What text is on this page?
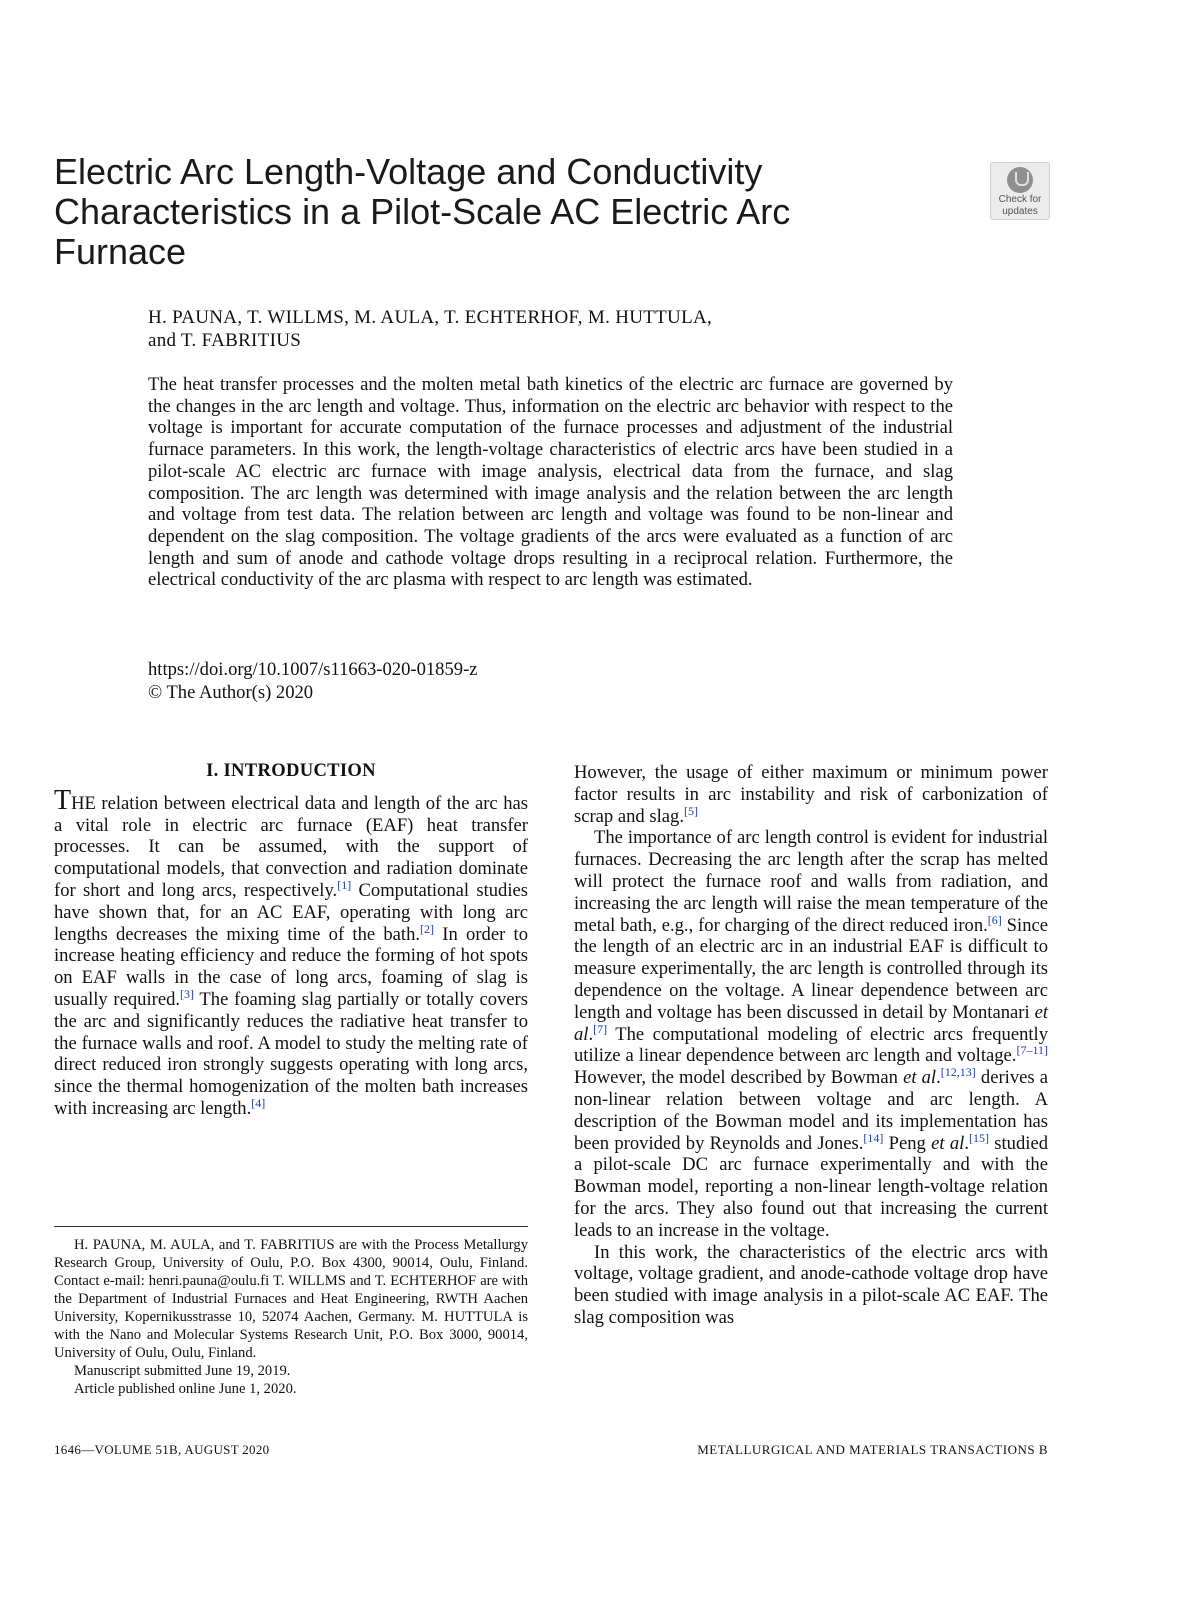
Electric Arc Length-Voltage and Conductivity Characteristics in a Pilot-Scale AC Electric Arc Furnace
Check for
updates
H. PAUNA, T. WILLMS, M. AULA, T. ECHTERHOF, M. HUTTULA,
and T. FABRITIUS

The heat transfer processes and the molten metal bath kinetics of the electric arc furnace are governed by the changes in the arc length and voltage. Thus, information on the electric arc behavior with respect to the voltage is important for accurate computation of the furnace processes and adjustment of the industrial furnace parameters. In this work, the length-voltage characteristics of electric arcs have been studied in a pilot-scale AC electric arc furnace with image analysis, electrical data from the furnace, and slag composition. The arc length was determined with image analysis and the relation between the arc length and voltage from test data. The relation between arc length and voltage was found to be non-linear and dependent on the slag composition. The voltage gradients of the arcs were evaluated as a function of arc length and sum of anode and cathode voltage drops resulting in a reciprocal relation. Furthermore, the electrical conductivity of the arc plasma with respect to arc length was estimated.

https://doi.org/10.1007/s11663-020-01859-z
© The Author(s) 2020
I. INTRODUCTION

THE relation between electrical data and length of the arc has a vital role in electric arc furnace (EAF) heat transfer processes. It can be assumed, with the support of computational models, that convection and radiation dominate for short and long arcs, respectively.[1] Computational studies have shown that, for an AC EAF, operating with long arc lengths decreases the mixing time of the bath.[2] In order to increase heating efficiency and reduce the forming of hot spots on EAF walls in the case of long arcs, foaming of slag is usually required.[3] The foaming slag partially or totally covers the arc and significantly reduces the radiative heat transfer to the furnace walls and roof. A model to study the melting rate of direct reduced iron strongly suggests operating with long arcs, since the thermal homogenization of the molten bath increases with increasing arc length.[4]

However, the usage of either maximum or minimum power factor results in arc instability and risk of carbonization of scrap and slag.[5]

The importance of arc length control is evident for industrial furnaces. Decreasing the arc length after the scrap has melted will protect the furnace roof and walls from radiation, and increasing the arc length will raise the mean temperature of the metal bath, e.g., for charging of the direct reduced iron.[6] Since the length of an electric arc in an industrial EAF is difficult to measure experimentally, the arc length is controlled through its dependence on the voltage. A linear dependence between arc length and voltage has been discussed in detail by Montanari et al.[7] The computational modeling of electric arcs frequently utilize a linear dependence between arc length and voltage.[7–11] However, the model described by Bowman et al.[12,13] derives a non-linear relation between voltage and arc length. A description of the Bowman model and its implementation has been provided by Reynolds and Jones.[14] Peng et al.[15] studied a pilot-scale DC arc furnace experimentally and with the Bowman model, reporting a non-linear length-voltage relation for the arcs. They also found out that increasing the current leads to an increase in the voltage.

In this work, the characteristics of the electric arcs with voltage, voltage gradient, and anode-cathode voltage drop have been studied with image analysis in a pilot-scale AC EAF. The slag composition was

H. PAUNA, M. AULA, and T. FABRITIUS are with the Process Metallurgy Research Group, University of Oulu, P.O. Box 4300, 90014, Oulu, Finland. Contact e-mail: henri.pauna@oulu.fi T. WILLMS and T. ECHTERHOF are with the Department of Industrial Furnaces and Heat Engineering, RWTH Aachen University, Kopernikusstrasse 10, 52074 Aachen, Germany. M. HUTTULA is with the Nano and Molecular Systems Research Unit, P.O. Box 3000, 90014, University of Oulu, Oulu, Finland.

Manuscript submitted June 19, 2019.

Article published online June 1, 2020.

1646—VOLUME 51B, AUGUST 2020	METALLURGICAL AND MATERIALS TRANSACTIONS B
